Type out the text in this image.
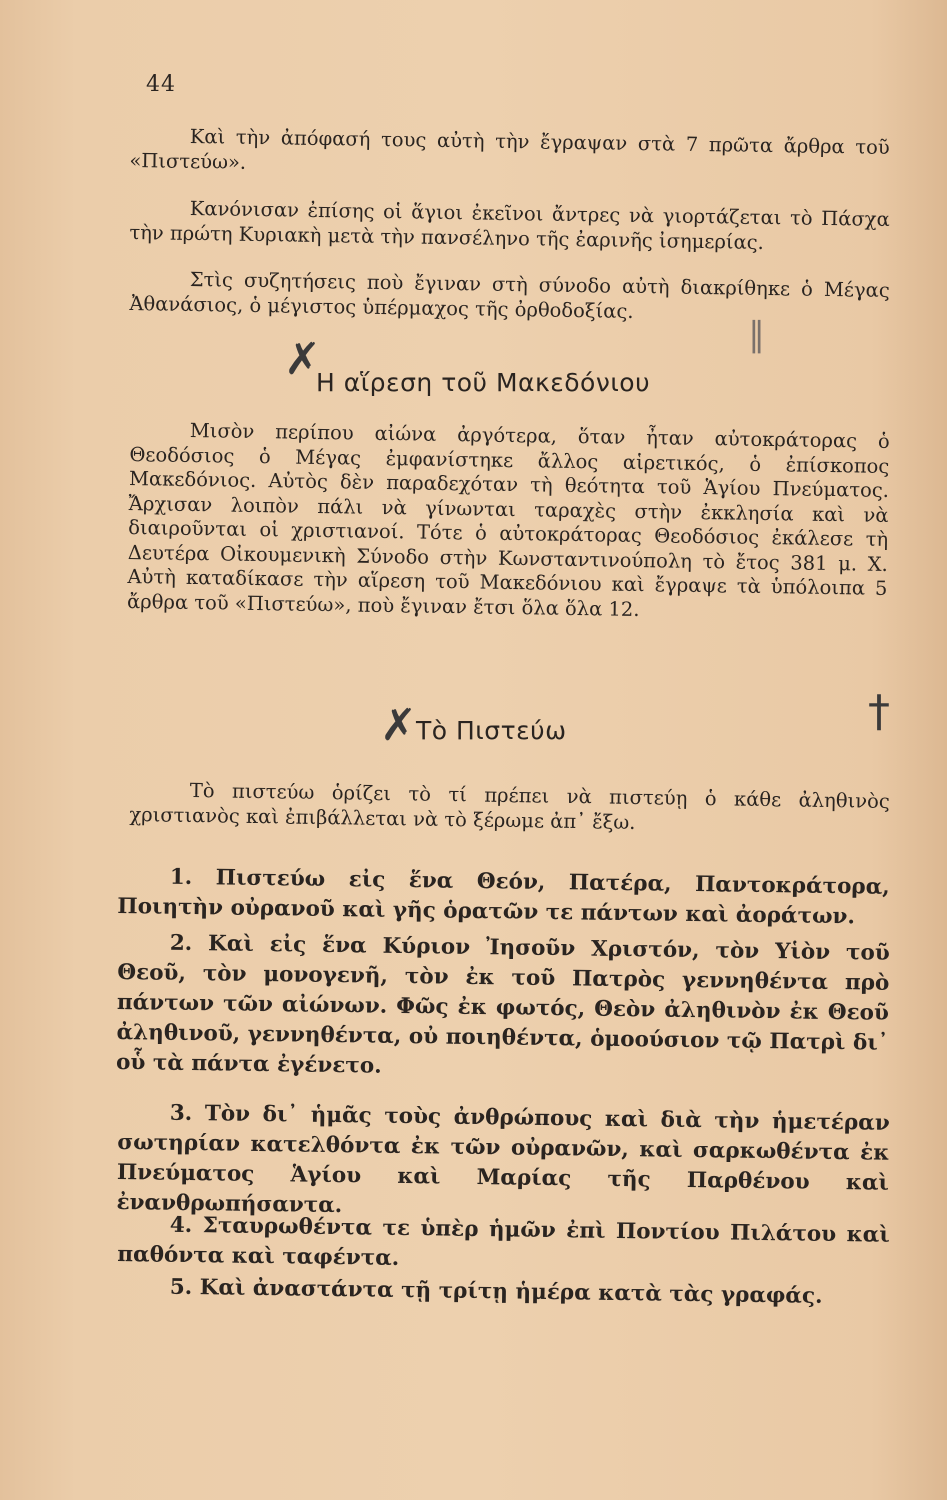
44
Καὶ τὴν ἀπόφασή τους αὐτὴ τὴν ἔγραψαν στὰ 7 πρῶτα ἄρθρα τοῦ «Πιστεύω».
Κανόνισαν ἐπίσης οἱ ἅγιοι ἐκεῖνοι ἄντρες νὰ γιορτάζεται τὸ Πάσχα τὴν πρώτη Κυριακὴ μετὰ τὴν πανσέληνο τῆς ἐαρινῆς ἰσημερίας.
Στὶς συζητήσεις ποὺ ἔγιναν στὴ σύνοδο αὐτὴ διακρίθηκε ὁ Μέγας Ἀθανάσιος, ὁ μέγιστος ὑπέρμαχος τῆς ὀρθοδοξίας.
✗	∥
Η αἵρεση τοῦ Μακεδόνιου
Μισὸν περίπου αἰώνα ἀργότερα, ὅταν ἦταν αὐτοκράτορας ὁ Θεοδόσιος ὁ Μέγας ἐμφανίστηκε ἄλλος αἱρετικός, ὁ ἐπίσκοπος Μακεδόνιος. Αὐτὸς δὲν παραδεχόταν τὴ θεότητα τοῦ Ἁγίου Πνεύματος. Ἄρχισαν λοιπὸν πάλι νὰ γίνωνται ταραχὲς στὴν ἐκκλησία καὶ νὰ διαιροῦνται οἱ χριστιανοί. Τότε ὁ αὐτοκράτορας Θεοδόσιος ἐκάλεσε τὴ Δευτέρα Οἰκουμενικὴ Σύνοδο στὴν Κωνσταντινούπολη τὸ ἔτος 381 μ. Χ. Αὐτὴ καταδίκασε τὴν αἵρεση τοῦ Μακεδόνιου καὶ ἔγραψε τὰ ὑπόλοιπα 5 ἄρθρα τοῦ «Πιστεύω», ποὺ ἔγιναν ἔτσι ὅλα ὅλα 12.
✗	†
Τὸ Πιστεύω
Τὸ πιστεύω ὁρίζει τὸ τί πρέπει νὰ πιστεύῃ ὁ κάθε ἀληθινὸς χριστιανὸς καὶ ἐπιβάλλεται νὰ τὸ ξέρωμε ἀπ᾿ ἔξω.
1. Πιστεύω εἰς ἕνα Θεόν, Πατέρα, Παντοκράτορα, Ποιητὴν οὐρανοῦ καὶ γῆς ὁρατῶν τε πάντων καὶ ἀοράτων.
2. Καὶ εἰς ἕνα Κύριον Ἰησοῦν Χριστόν, τὸν Υἱὸν τοῦ Θεοῦ, τὸν μονογενῆ, τὸν ἐκ τοῦ Πατρὸς γεννηθέντα πρὸ πάντων τῶν αἰώνων. Φῶς ἐκ φωτός, Θεὸν ἀληθινὸν ἐκ Θεοῦ ἀληθινοῦ, γεννηθέντα, οὐ ποιηθέντα, ὁμοούσιον τῷ Πατρὶ δι᾿ οὗ τὰ πάντα ἐγένετο.
3. Τὸν δι᾿ ἡμᾶς τοὺς ἀνθρώπους καὶ διὰ τὴν ἡμετέραν σωτηρίαν κατελθόντα ἐκ τῶν οὐρανῶν, καὶ σαρκωθέντα ἐκ Πνεύματος Ἁγίου καὶ Μαρίας τῆς Παρθένου καὶ ἐνανθρωπήσαντα.
4. Σταυρωθέντα τε ὑπὲρ ἡμῶν ἐπὶ Ποντίου Πιλάτου καὶ παθόντα καὶ ταφέντα.
5. Καὶ ἀναστάντα τῇ τρίτῃ ἡμέρα κατὰ τὰς γραφάς.
